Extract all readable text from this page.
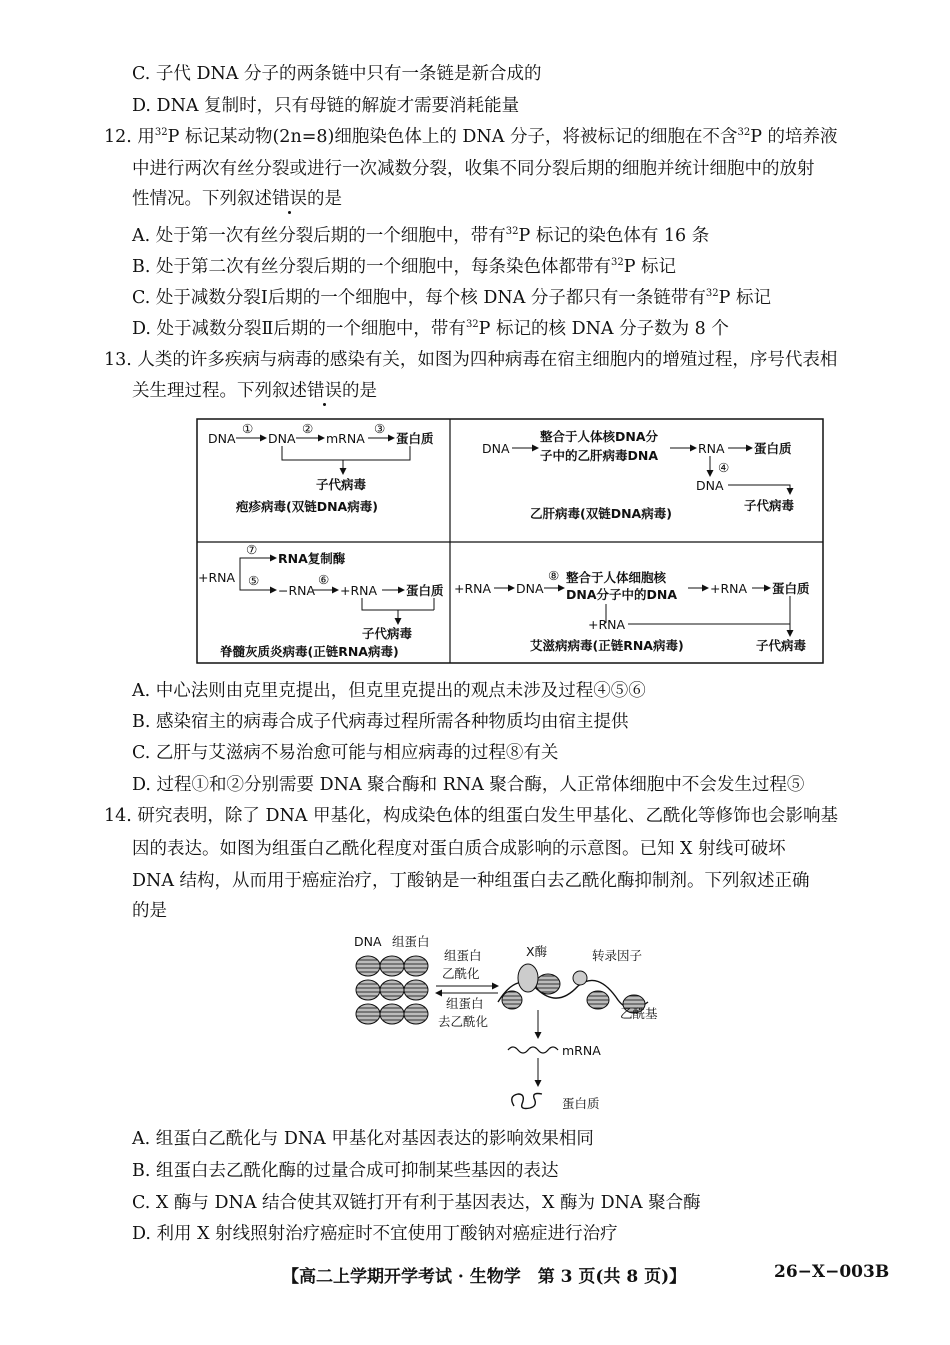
C. 子代 DNA 分子的两条链中只有一条链是新合成的
D. DNA 复制时，只有母链的解旋才需要消耗能量
12. 用$^{32}$P 标记某动物(2n=8)细胞染色体上的 DNA 分子，将被标记的细胞在不含$^{32}$P 的培养液
中进行两次有丝分裂或进行一次减数分裂，收集不同分裂后期的细胞并统计细胞中的放射
性情况。下列叙述错误的是
A. 处于第一次有丝分裂后期的一个细胞中，带有$^{32}$P 标记的染色体有 16 条
B. 处于第二次有丝分裂后期的一个细胞中，每条染色体都带有$^{32}$P 标记
C. 处于减数分裂Ⅰ后期的一个细胞中，每个核 DNA 分子都只有一条链带有$^{32}$P 标记
D. 处于减数分裂Ⅱ后期的一个细胞中，带有$^{32}$P 标记的核 DNA 分子数为 8 个
13. 人类的许多疾病与病毒的感染有关，如图为四种病毒在宿主细胞内的增殖过程，序号代表相
关生理过程。下列叙述错误的是
DNA
①
DNA
②
mRNA
③
蛋白质
子代病毒
疱疹病毒(双链DNA病毒)
DNA
整合于人体核DNA分
子中的乙肝病毒DNA	RNA 蛋白质
④
DNA
子代病毒
乙肝病毒(双链DNA病毒)
⑦
RNA复制酶
+RNA ⑤
−RNA
⑥
+RNA 蛋白质
子代病毒
脊髓灰质炎病毒(正链RNA病毒)
+RNA DNA
⑧ 整合于人体细胞核
DNA分子中的DNA	+RNA 蛋白质
+RNA
艾滋病病毒(正链RNA病毒)	子代病毒
A. 中心法则由克里克提出，但克里克提出的观点未涉及过程④⑤⑥
B. 感染宿主的病毒合成子代病毒过程所需各种物质均由宿主提供
C. 乙肝与艾滋病不易治愈可能与相应病毒的过程⑧有关
D. 过程①和②分别需要 DNA 聚合酶和 RNA 聚合酶，人正常体细胞中不会发生过程⑤
14. 研究表明，除了 DNA 甲基化，构成染色体的组蛋白发生甲基化、乙酰化等修饰也会影响基
因的表达。如图为组蛋白乙酰化程度对蛋白质合成影响的示意图。已知 X 射线可破坏
DNA 结构，从而用于癌症治疗，丁酸钠是一种组蛋白去乙酰化酶抑制剂。下列叙述正确
的是
DNA 组蛋白
组蛋白
乙酰化
组蛋白
去乙酰化
X酶	转录因子
乙酰基
mRNA
蛋白质
A. 组蛋白乙酰化与 DNA 甲基化对基因表达的影响效果相同
B. 组蛋白去乙酰化酶的过量合成可抑制某些基因的表达
C. X 酶与 DNA 结合使其双链打开有利于基因表达，X 酶为 DNA 聚合酶
D. 利用 X 射线照射治疗癌症时不宜使用丁酸钠对癌症进行治疗
【高二上学期开学考试 · 生物学　第 3 页(共 8 页)】	26−X−003B
